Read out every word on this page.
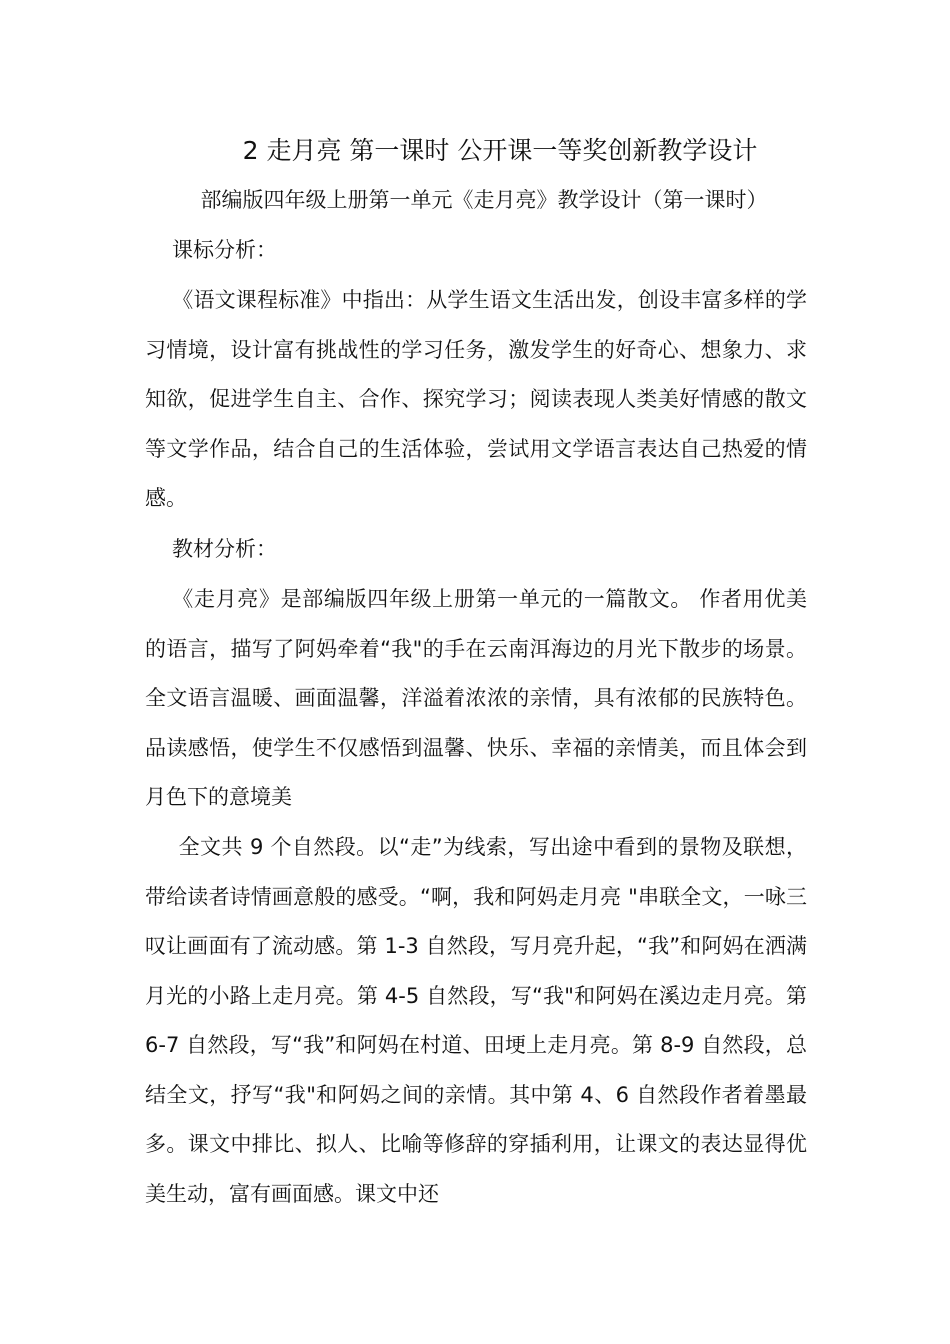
2 走月亮 第一课时 公开课一等奖创新教学设计
部编版四年级上册第一单元《走月亮》教学设计（第一课时）
课标分析：
《语文课程标准》中指出：从学生语文生活出发，创设丰富多样的学习情境，设计富有挑战性的学习任务，激发学生的好奇心、想象力、求知欲，促进学生自主、合作、探究学习；阅读表现人类美好情感的散文等文学作品，结合自己的生活体验，尝试用文学语言表达自己热爱的情感。
教材分析：
《走月亮》是部编版四年级上册第一单元的一篇散文。 作者用优美的语言，描写了阿妈牵着“我"的手在云南洱海边的月光下散步的场景。全文语言温暖、画面温馨，洋溢着浓浓的亲情，具有浓郁的民族特色。品读感悟，使学生不仅感悟到温馨、快乐、幸福的亲情美，而且体会到月色下的意境美
全文共 9 个自然段。以“走”为线索，写出途中看到的景物及联想，带给读者诗情画意般的感受。“啊，我和阿妈走月亮 "串联全文，一咏三叹让画面有了流动感。第 1-3 自然段，写月亮升起，“我”和阿妈在洒满月光的小路上走月亮。第 4-5 自然段，写“我"和阿妈在溪边走月亮。第 6-7 自然段，写“我”和阿妈在村道、田埂上走月亮。第 8-9 自然段，总结全文，抒写“我"和阿妈之间的亲情。其中第 4、6 自然段作者着墨最多。课文中排比、拟人、比喻等修辞的穿插利用，让课文的表达显得优美生动，富有画面感。课文中还
